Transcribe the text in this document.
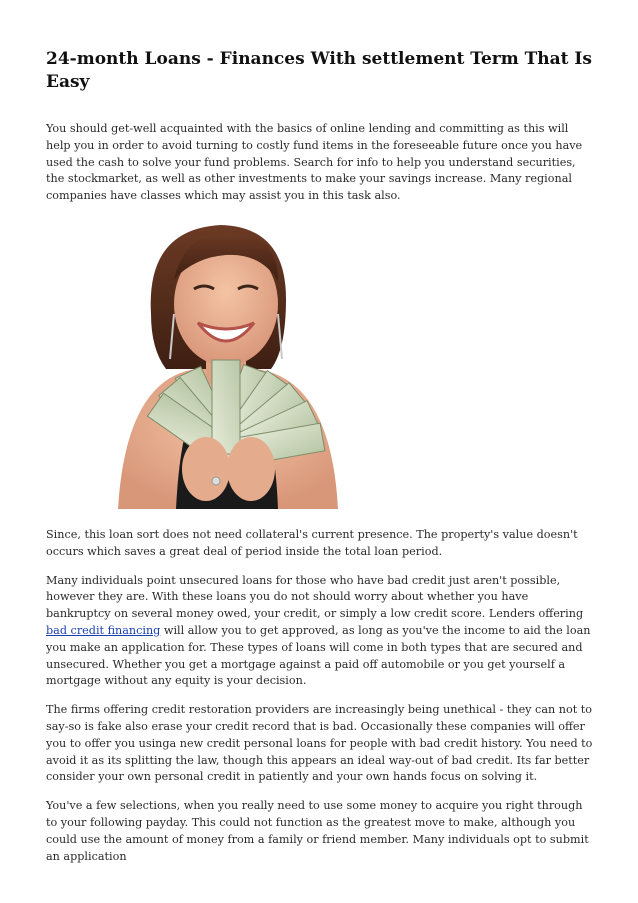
24-month Loans - Finances With settlement Term That Is Easy

You should get-well acquainted with the basics of online lending and committing as this will help you in order to avoid turning to costly fund items in the foreseeable future once you have used the cash to solve your fund problems. Search for info to help you understand securities, the stockmarket, as well as other investments to make your savings increase. Many regional companies have classes which may assist you in this task also.

Since, this loan sort does not need collateral's current presence. The property's value doesn't occurs which saves a great deal of period inside the total loan period.

Many individuals point unsecured loans for those who have bad credit just aren't possible, however they are. With these loans you do not should worry about whether you have bankruptcy on several money owed, your credit, or simply a low credit score. Lenders offering bad credit financing will allow you to get approved, as long as you've the income to aid the loan you make an application for. These types of loans will come in both types that are secured and unsecured. Whether you get a mortgage against a paid off automobile or you get yourself a mortgage without any equity is your decision.

The firms offering credit restoration providers are increasingly being unethical - they can not to say-so is fake also erase your credit record that is bad. Occasionally these companies will offer you to offer you usinga new credit personal loans for people with bad credit history. You need to avoid it as its splitting the law, though this appears an ideal way-out of bad credit. Its far better consider your own personal credit in patiently and your own hands focus on solving it.

You've a few selections, when you really need to use some money to acquire you right through to your following payday. This could not function as the greatest move to make, although you could use the amount of money from a family or friend member. Many individuals opt to submit an application
